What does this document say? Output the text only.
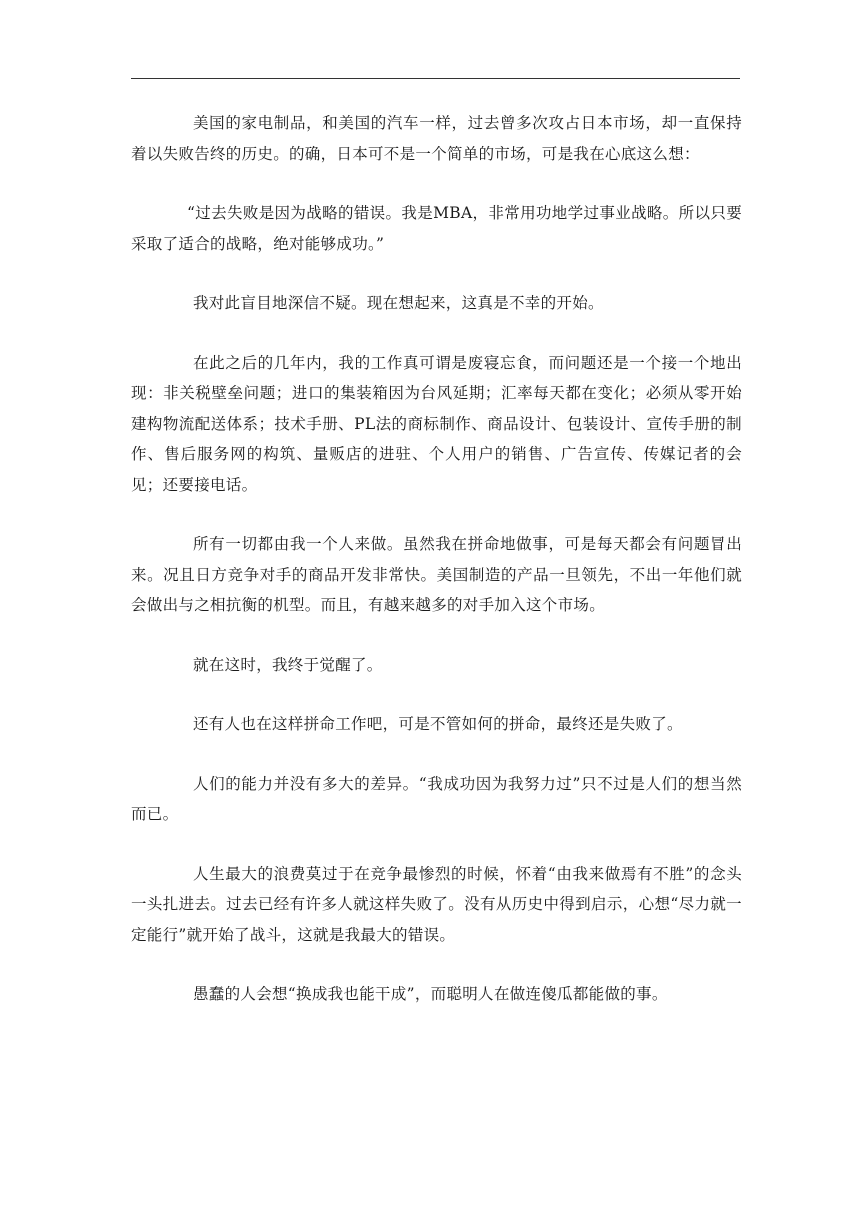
美国的家电制品，和美国的汽车一样，过去曾多次攻占日本市场，却一直保持着以失败告终的历史。的确，日本可不是一个简单的市场，可是我在心底这么想：

“过去失败是因为战略的错误。我是MBA，非常用功地学过事业战略。所以只要采取了适合的战略，绝对能够成功。”

我对此盲目地深信不疑。现在想起来，这真是不幸的开始。

在此之后的几年内，我的工作真可谓是废寝忘食，而问题还是一个接一个地出现：非关税壁垒问题；进口的集装箱因为台风延期；汇率每天都在变化；必须从零开始建构物流配送体系；技术手册、PL法的商标制作、商品设计、包装设计、宣传手册的制作、售后服务网的构筑、量贩店的进驻、个人用户的销售、广告宣传、传媒记者的会见；还要接电话。

所有一切都由我一个人来做。虽然我在拼命地做事，可是每天都会有问题冒出来。况且日方竞争对手的商品开发非常快。美国制造的产品一旦领先，不出一年他们就会做出与之相抗衡的机型。而且，有越来越多的对手加入这个市场。

就在这时，我终于觉醒了。

还有人也在这样拼命工作吧，可是不管如何的拼命，最终还是失败了。

人们的能力并没有多大的差异。“我成功因为我努力过”只不过是人们的想当然而已。

人生最大的浪费莫过于在竞争最惨烈的时候，怀着“由我来做焉有不胜”的念头一头扎进去。过去已经有许多人就这样失败了。没有从历史中得到启示，心想“尽力就一定能行”就开始了战斗，这就是我最大的错误。

愚蠢的人会想“换成我也能干成”，而聪明人在做连傻瓜都能做的事。
